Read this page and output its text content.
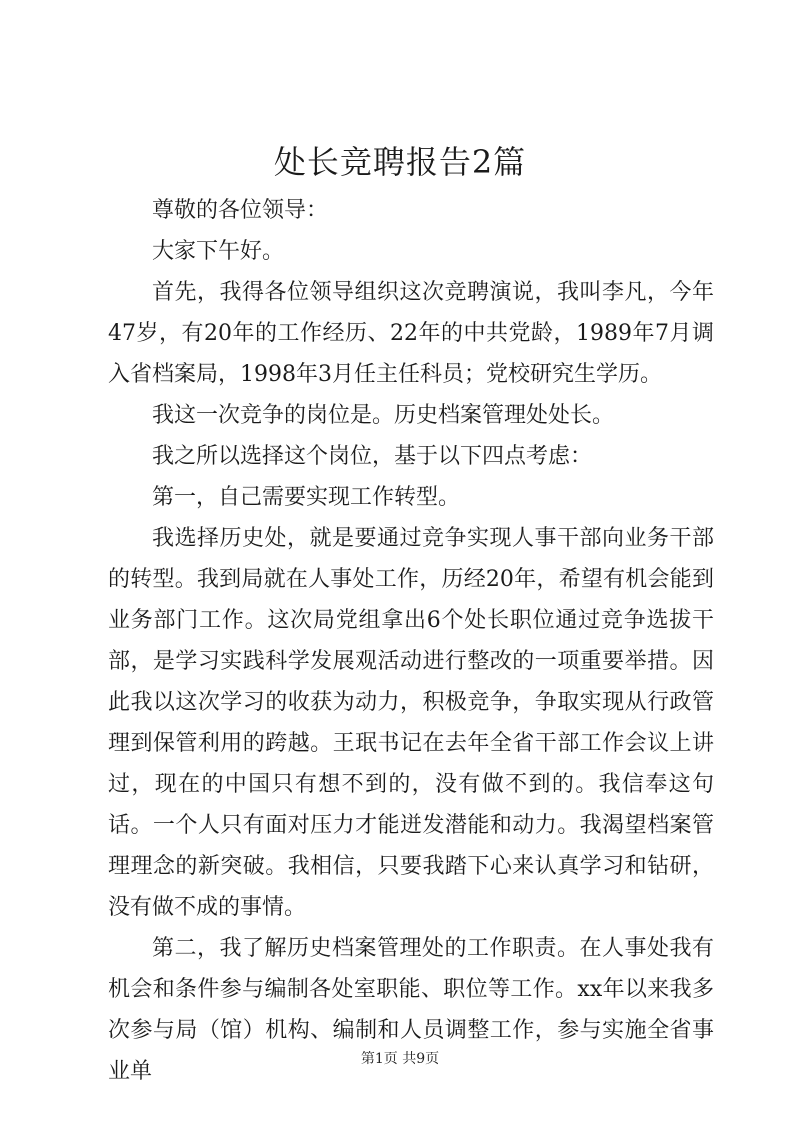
处长竞聘报告2篇

尊敬的各位领导：

大家下午好。

首先，我得各位领导组织这次竞聘演说，我叫李凡，今年47岁，有20年的工作经历、22年的中共党龄，1989年7月调入省档案局，1998年3月任主任科员；党校研究生学历。

我这一次竞争的岗位是。历史档案管理处处长。

我之所以选择这个岗位，基于以下四点考虑：

第一，自己需要实现工作转型。

我选择历史处，就是要通过竞争实现人事干部向业务干部的转型。我到局就在人事处工作，历经20年，希望有机会能到业务部门工作。这次局党组拿出6个处长职位通过竞争选拔干部，是学习实践科学发展观活动进行整改的一项重要举措。因此我以这次学习的收获为动力，积极竞争，争取实现从行政管理到保管利用的跨越。王珉书记在去年全省干部工作会议上讲过，现在的中国只有想不到的，没有做不到的。我信奉这句话。一个人只有面对压力才能迸发潜能和动力。我渴望档案管理理念的新突破。我相信，只要我踏下心来认真学习和钻研，没有做不成的事情。

第二，我了解历史档案管理处的工作职责。在人事处我有机会和条件参与编制各处室职能、职位等工作。xx年以来我多次参与局（馆）机构、编制和人员调整工作，参与实施全省事业单	第1页 共9页
